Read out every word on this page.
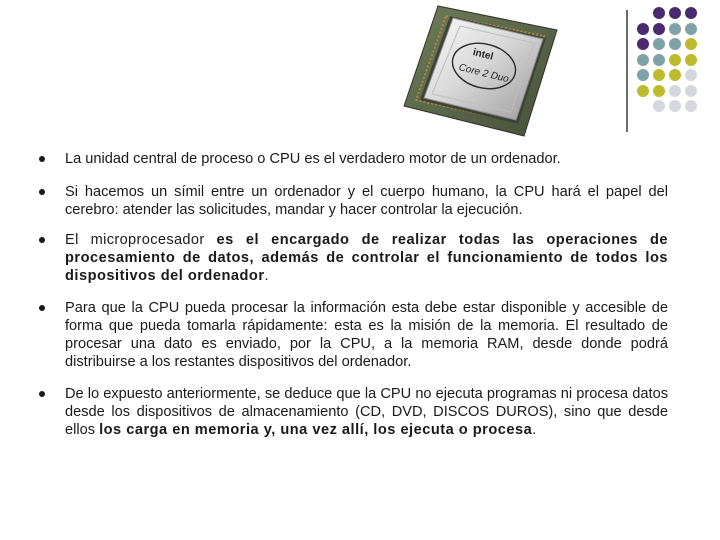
intel
Core 2 Duo
La unidad central de proceso o CPU es el verdadero motor de un ordenador.
Si hacemos un símil entre un ordenador y el cuerpo humano, la CPU hará el papel del cerebro: atender las solicitudes, mandar y hacer controlar la ejecución.
El microprocesador es el encargado de realizar todas las operaciones de procesamiento de datos, además de controlar el funcionamiento de todos los dispositivos del ordenador.
Para que la CPU pueda procesar la información esta debe estar disponible y accesible de forma que pueda tomarla rápidamente: esta es la misión de la memoria. El resultado de procesar una dato es enviado, por la CPU, a la memoria RAM, desde donde podrá distribuirse a los restantes dispositivos del ordenador.
De lo expuesto anteriormente, se deduce que la CPU no ejecuta programas ni procesa datos desde los dispositivos de almacenamiento (CD, DVD, DISCOS DUROS), sino que desde ellos los carga en memoria y, una vez allí, los ejecuta o procesa.
